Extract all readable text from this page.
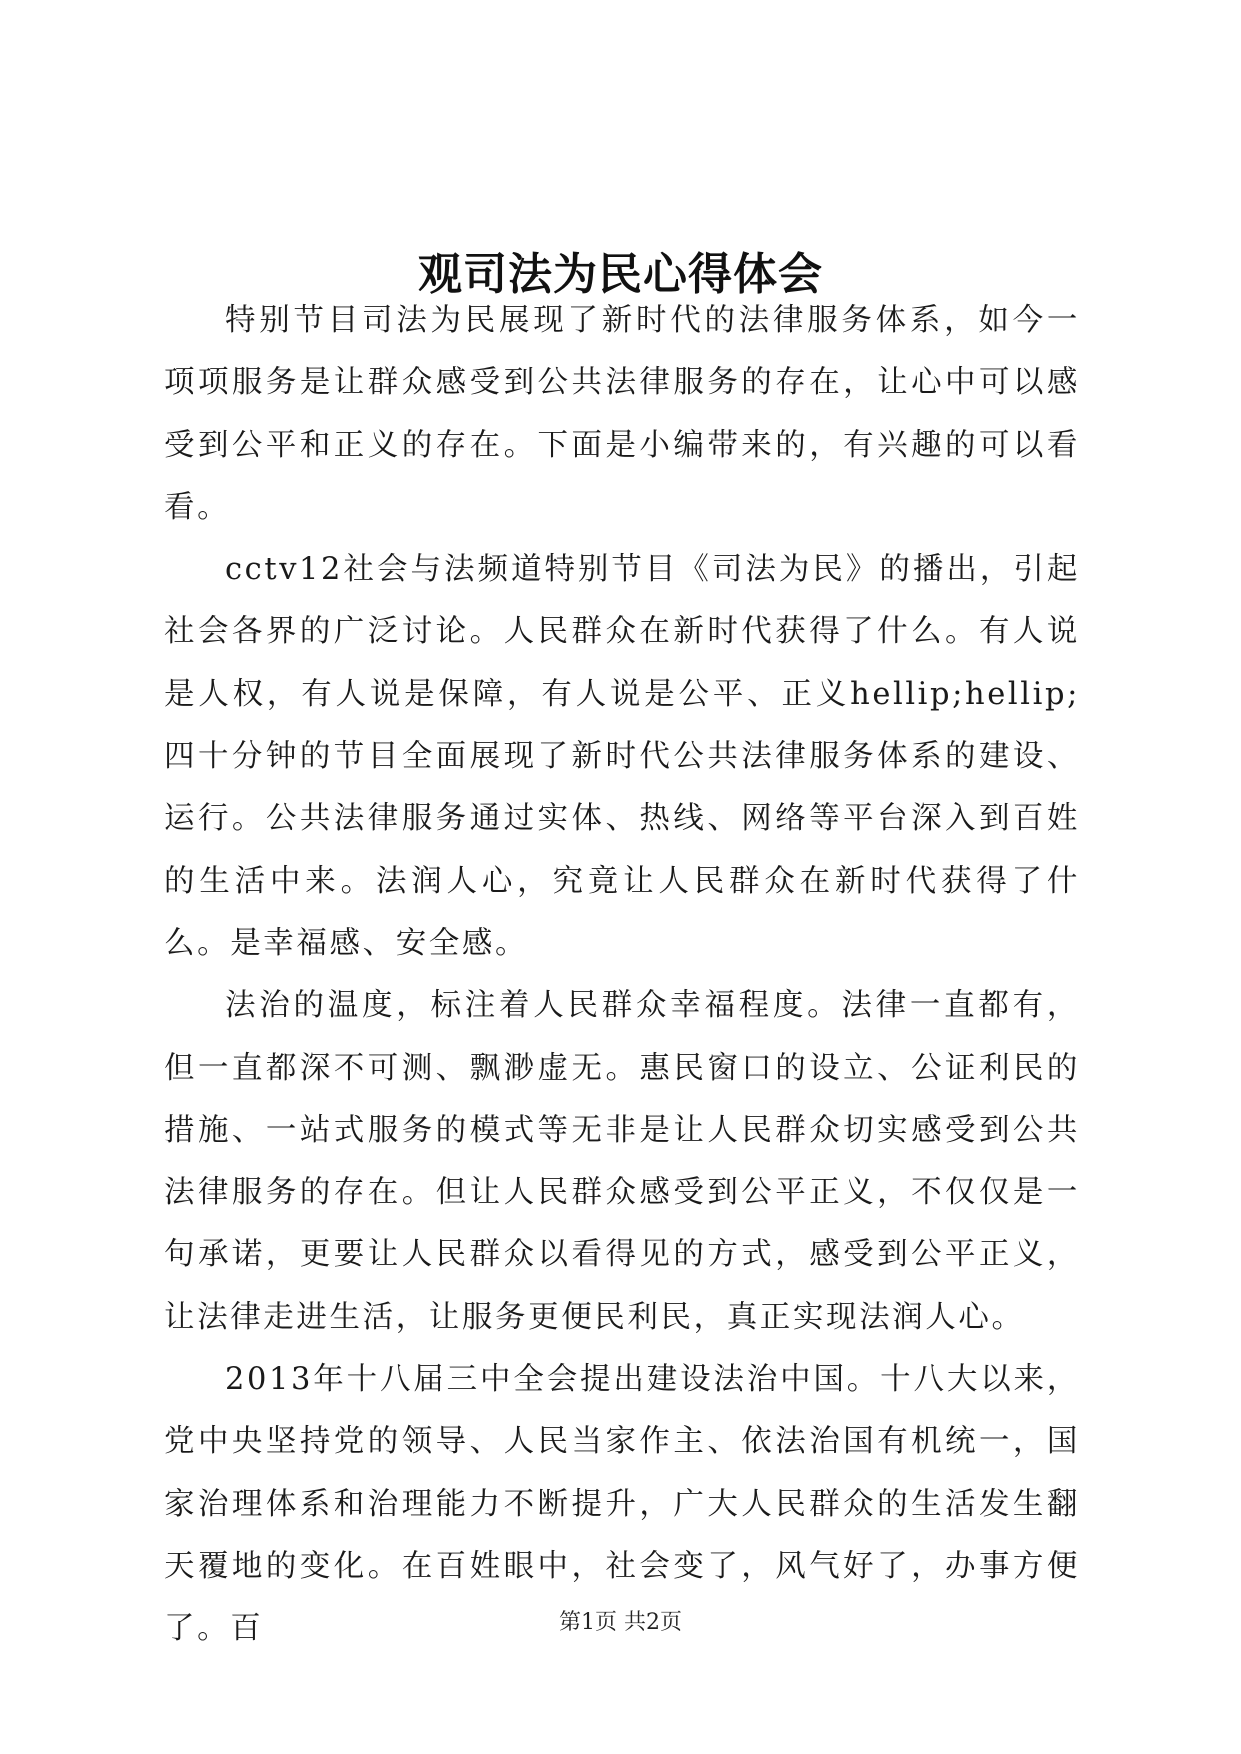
观司法为民心得体会

特别节目司法为民展现了新时代的法律服务体系，如今一项项服务是让群众感受到公共法律服务的存在，让心中可以感受到公平和正义的存在。下面是小编带来的，有兴趣的可以看看。

cctv12社会与法频道特别节目《司法为民》的播出，引起社会各界的广泛讨论。人民群众在新时代获得了什么。有人说是人权，有人说是保障，有人说是公平、正义hellip;hellip;四十分钟的节目全面展现了新时代公共法律服务体系的建设、运行。公共法律服务通过实体、热线、网络等平台深入到百姓的生活中来。法润人心，究竟让人民群众在新时代获得了什么。是幸福感、安全感。

法治的温度，标注着人民群众幸福程度。法律一直都有，但一直都深不可测、飘渺虚无。惠民窗口的设立、公证利民的措施、一站式服务的模式等无非是让人民群众切实感受到公共法律服务的存在。但让人民群众感受到公平正义，不仅仅是一句承诺，更要让人民群众以看得见的方式，感受到公平正义，让法律走进生活，让服务更便民利民，真正实现法润人心。

2013年十八届三中全会提出建设法治中国。十八大以来，党中央坚持党的领导、人民当家作主、依法治国有机统一，国家治理体系和治理能力不断提升，广大人民群众的生活发生翻天覆地的变化。在百姓眼中，社会变了，风气好了，办事方便了。百	第1页 共2页
